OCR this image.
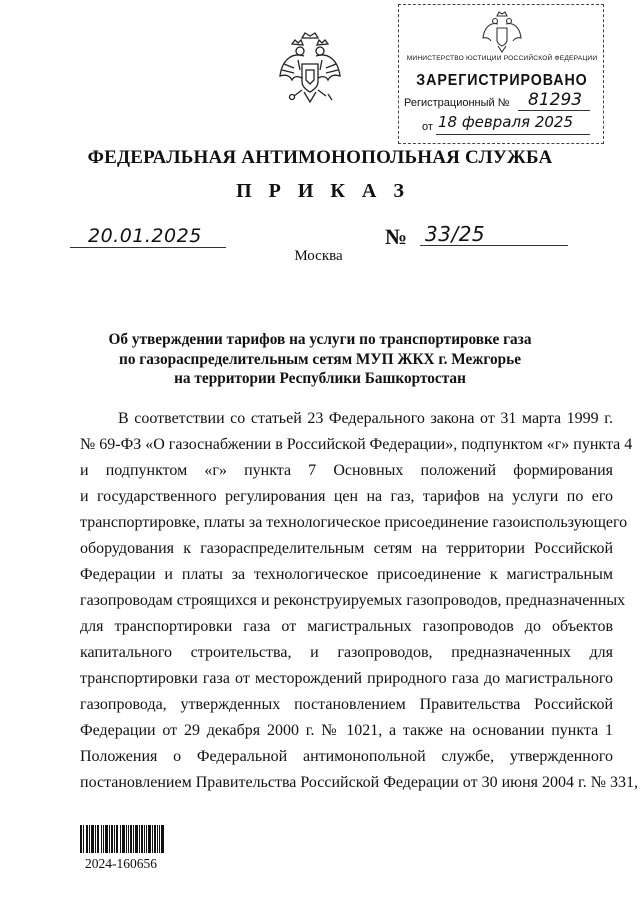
МИНИСТЕРСТВО ЮСТИЦИИ РОССИЙСКОЙ ФЕДЕРАЦИИ
ЗАРЕГИСТРИРОВАНО
Регистрационный № 81293
от 18 февраля 2025
ФЕДЕРАЛЬНАЯ АНТИМОНОПОЛЬНАЯ СЛУЖБА
П Р И К А З
20.01.2025	№ 33/25
Москва
Об утверждении тарифов на услуги по транспортировке газа
по газораспределительным сетям МУП ЖКХ г. Межгорье
на территории Республики Башкортостан
В соответствии со статьей 23 Федерального закона от 31 марта 1999 г.
№ 69-ФЗ «О газоснабжении в Российской Федерации», подпунктом «г» пункта 4
и подпунктом «г» пункта 7 Основных положений формирования
и государственного регулирования цен на газ, тарифов на услуги по его
транспортировке, платы за технологическое присоединение газоиспользующего
оборудования к газораспределительным сетям на территории Российской
Федерации и платы за технологическое присоединение к магистральным
газопроводам строящихся и реконструируемых газопроводов, предназначенных
для транспортировки газа от магистральных газопроводов до объектов
капитального строительства, и газопроводов, предназначенных для
транспортировки газа от месторождений природного газа до магистрального
газопровода, утвержденных постановлением Правительства Российской
Федерации от 29 декабря 2000 г. № 1021, а также на основании пункта 1
Положения о Федеральной антимонопольной службе, утвержденного
постановлением Правительства Российской Федерации от 30 июня 2004 г. № 331,
2024-160656
